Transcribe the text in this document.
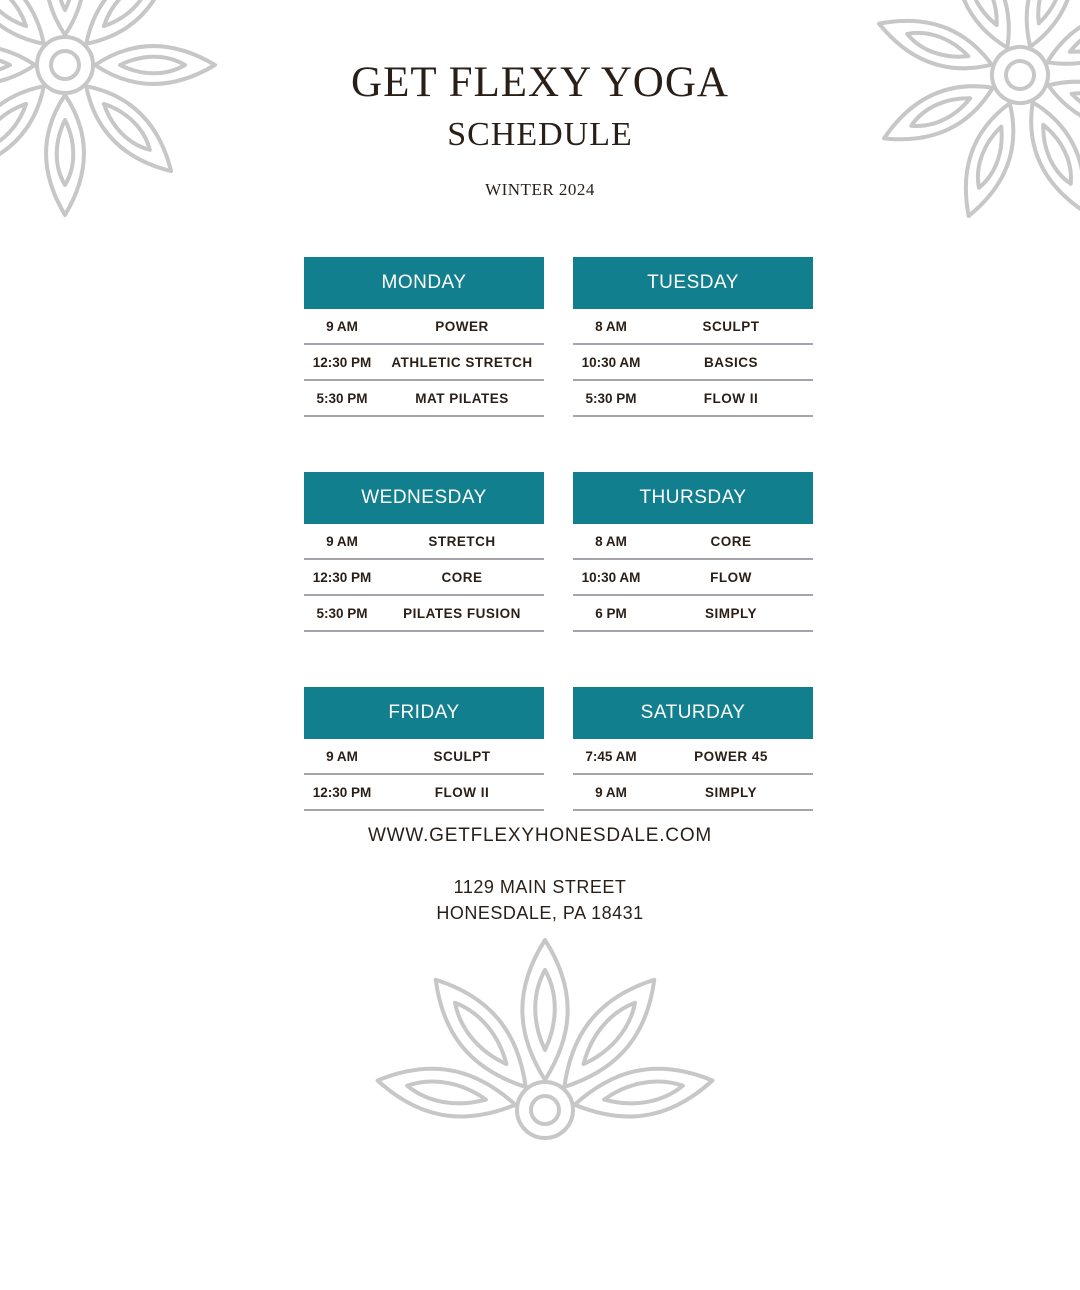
GET FLEXY YOGA
SCHEDULE
WINTER 2024
MONDAY
9 AM	POWER
12:30 PM	ATHLETIC STRETCH
5:30 PM	MAT PILATES
TUESDAY
8 AM	SCULPT
10:30 AM	BASICS
5:30 PM	FLOW II
WEDNESDAY
9 AM	STRETCH
12:30 PM	CORE
5:30 PM	PILATES FUSION
THURSDAY
8 AM	CORE
10:30 AM	FLOW
6 PM	SIMPLY
FRIDAY
9 AM	SCULPT
12:30 PM	FLOW II
SATURDAY
7:45 AM	POWER 45
9 AM	SIMPLY
WWW.GETFLEXYHONESDALE.COM
1129 MAIN STREET
HONESDALE, PA 18431
